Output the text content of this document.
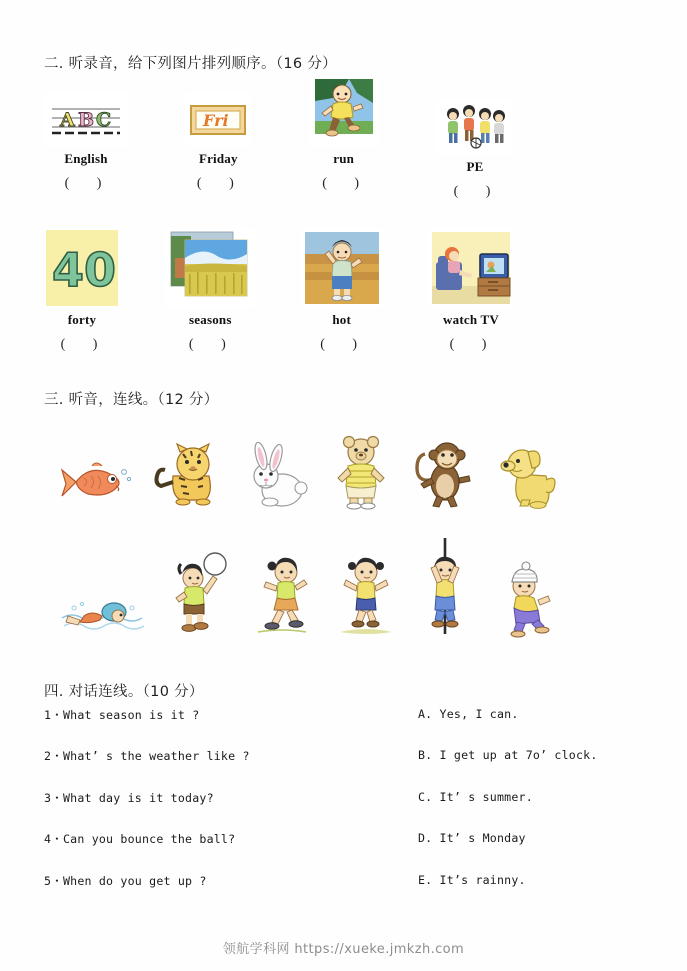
二. 听录音，给下列图片排列顺序。（16 分）
A B C
English
( )
Fri
Friday
( )
run
( )
PE
( )
40
forty
( )
seasons
( )
hot
( )
watch TV
( )
三. 听音，连线。（12 分）
四. 对话连线。（10 分）
1・What season is it ?
2・What’ s the weather like ?
3・What day is it today?
4・Can you bounce the ball?
5・When do you get up ?
A. Yes, I can.
B. I get up at 7o’ clock.
C. It’ s summer.
D. It’ s Monday
E. It’s rainny.
领航学科网 https://xueke.jmkzh.com
